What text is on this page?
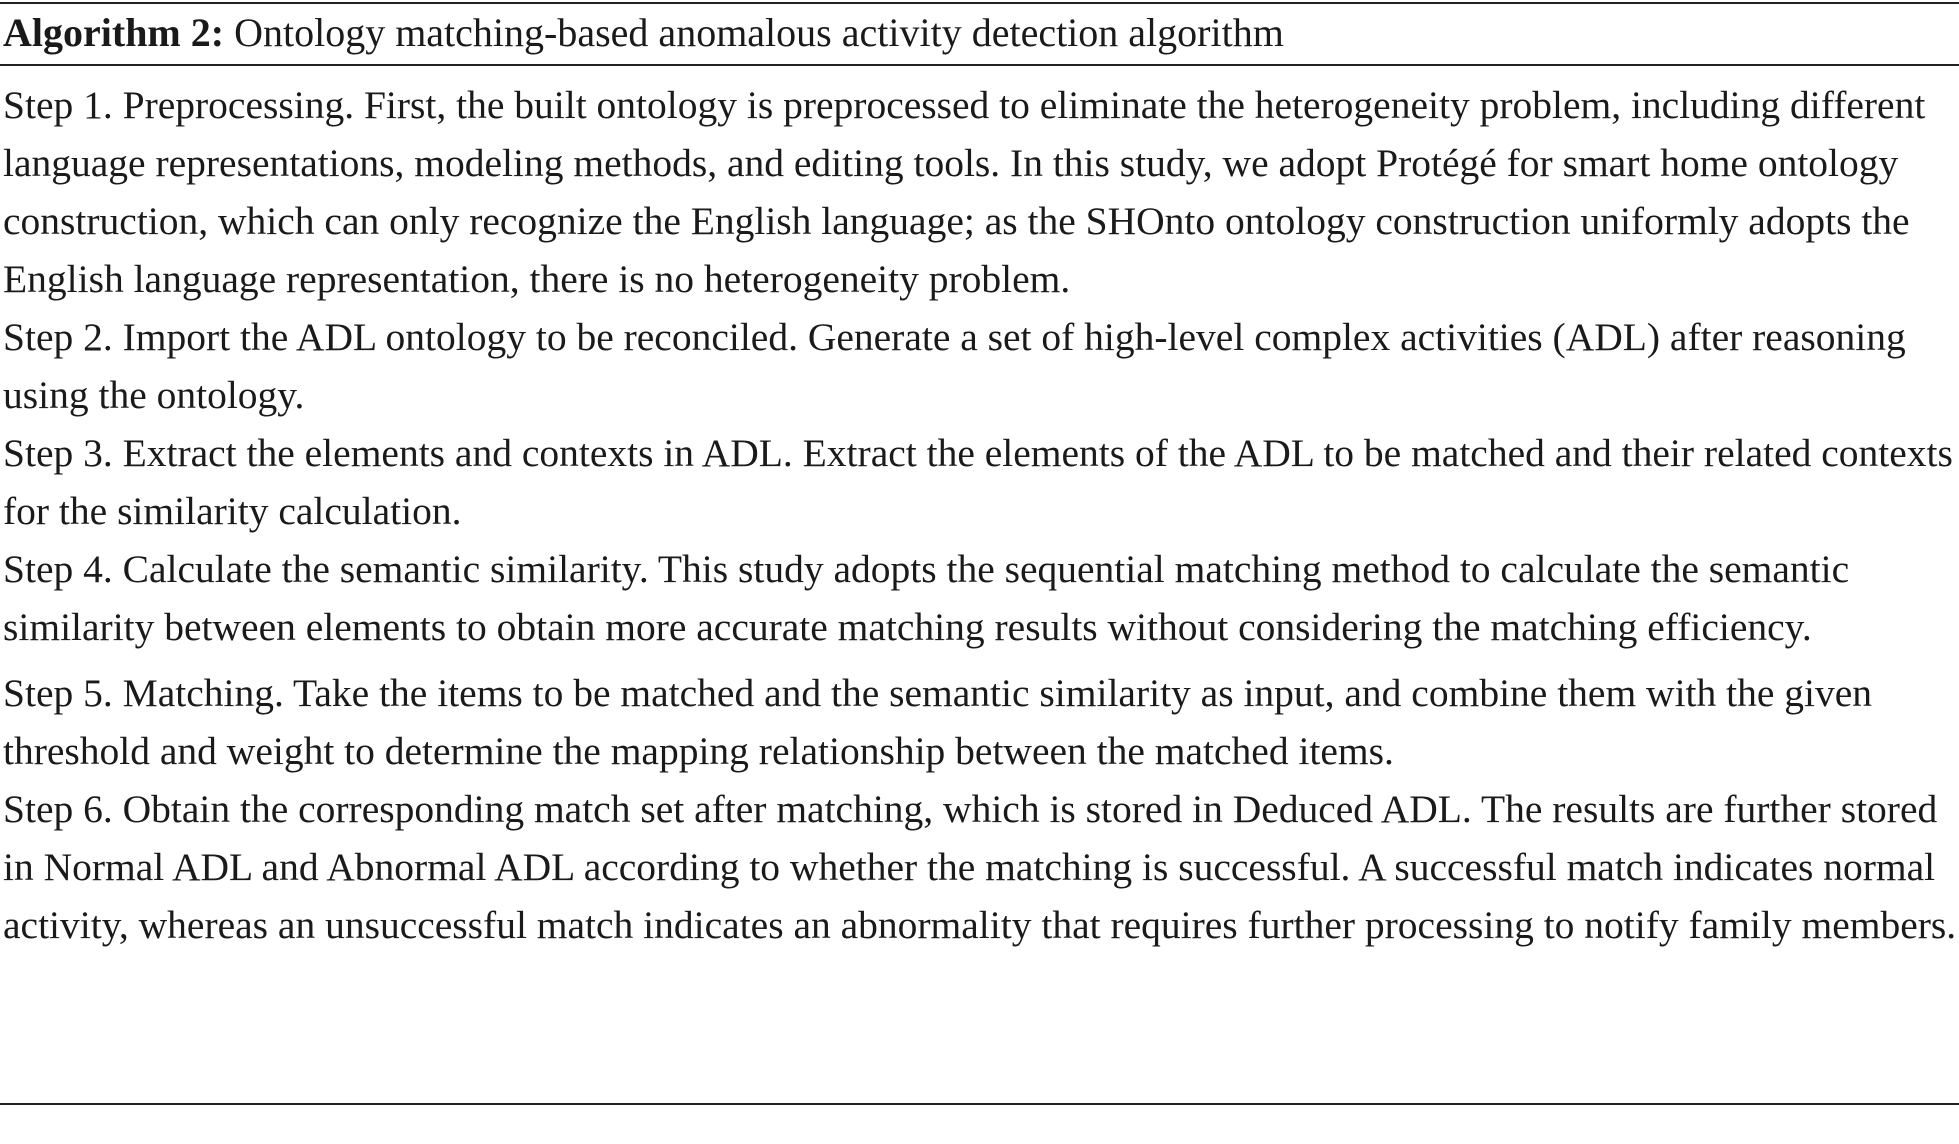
Algorithm 2: Ontology matching-based anomalous activity detection algorithm

Step 1. Preprocessing. First, the built ontology is preprocessed to eliminate the heterogeneity problem, including different language representations, modeling methods, and editing tools. In this study, we adopt Protégé for smart home ontology construction, which can only recognize the English language; as the SHOnto ontology construction uniformly adopts the English language representation, there is no heterogeneity problem.

Step 2. Import the ADL ontology to be reconciled. Generate a set of high-level complex activities (ADL) after reasoning using the ontology.

Step 3. Extract the elements and contexts in ADL. Extract the elements of the ADL to be matched and their related contexts for the similarity calculation.

Step 4. Calculate the semantic similarity. This study adopts the sequential matching method to calculate the semantic similarity between elements to obtain more accurate matching results without considering the matching efficiency.

Step 5. Matching. Take the items to be matched and the semantic similarity as input, and combine them with the given threshold and weight to determine the mapping relationship between the matched items.

Step 6. Obtain the corresponding match set after matching, which is stored in Deduced ADL. The results are further stored in Normal ADL and Abnormal ADL according to whether the matching is successful. A successful match indicates normal activity, whereas an unsuccessful match indicates an abnormality that requires further processing to notify family members.
